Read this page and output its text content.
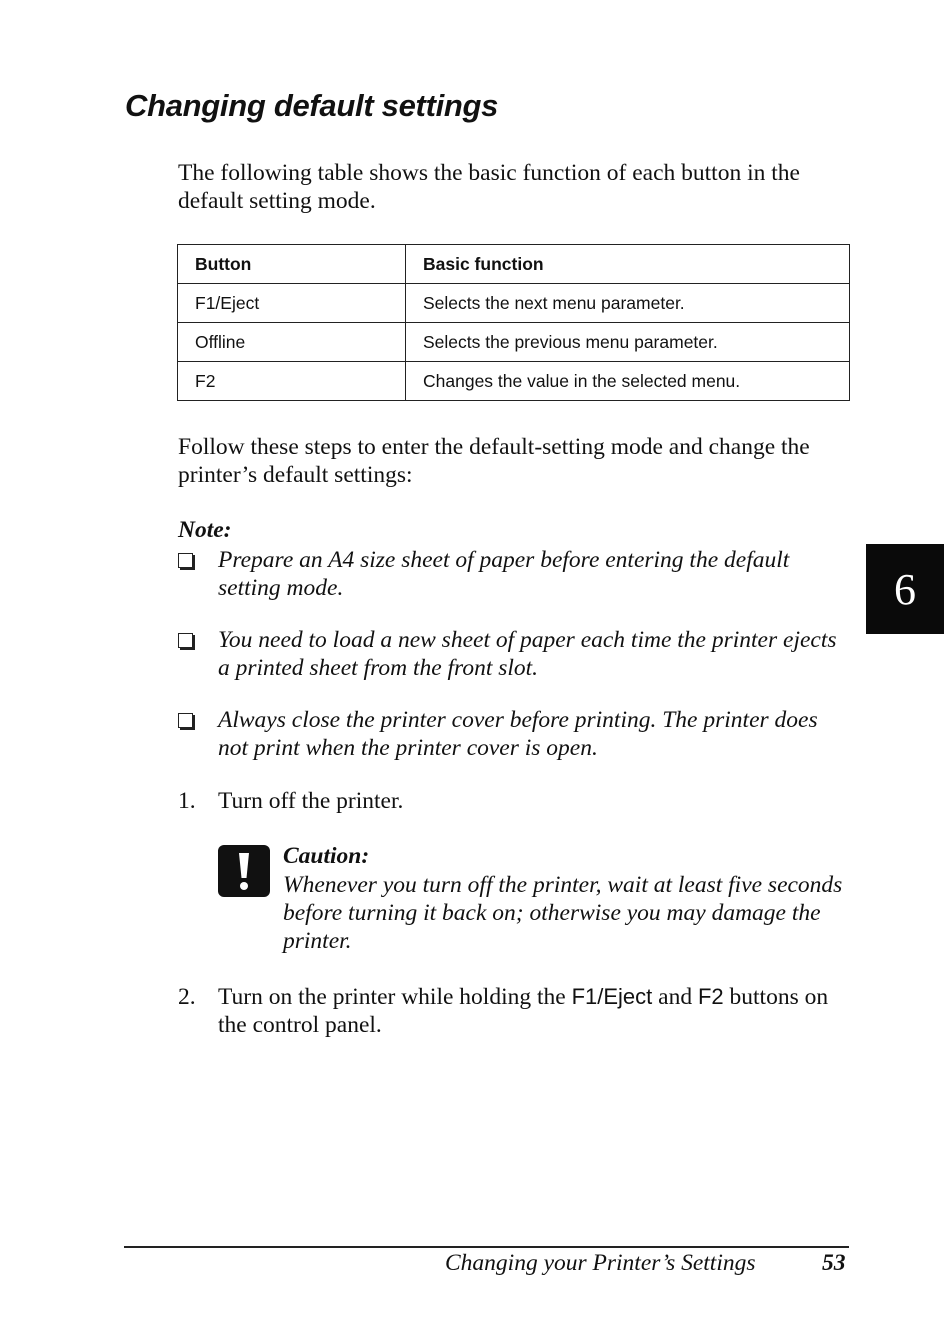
Changing default settings

The following table shows the basic function of each button in the default setting mode.

Button	Basic function
F1/Eject	Selects the next menu parameter.
Offline	Selects the previous menu parameter.
F2	Changes the value in the selected menu.

Follow these steps to enter the default-setting mode and change the printer’s default settings:

Note:
Prepare an A4 size sheet of paper before entering the default setting mode.
You need to load a new sheet of paper each time the printer ejects a printed sheet from the front slot.
Always close the printer cover before printing. The printer does not print when the printer cover is open.
1. Turn off the printer.
Caution:
Whenever you turn off the printer, wait at least five seconds before turning it back on; otherwise you may damage the printer.
2. Turn on the printer while holding the F1/Eject and F2 buttons on the control panel.
6
Changing your Printer’s Settings	53
